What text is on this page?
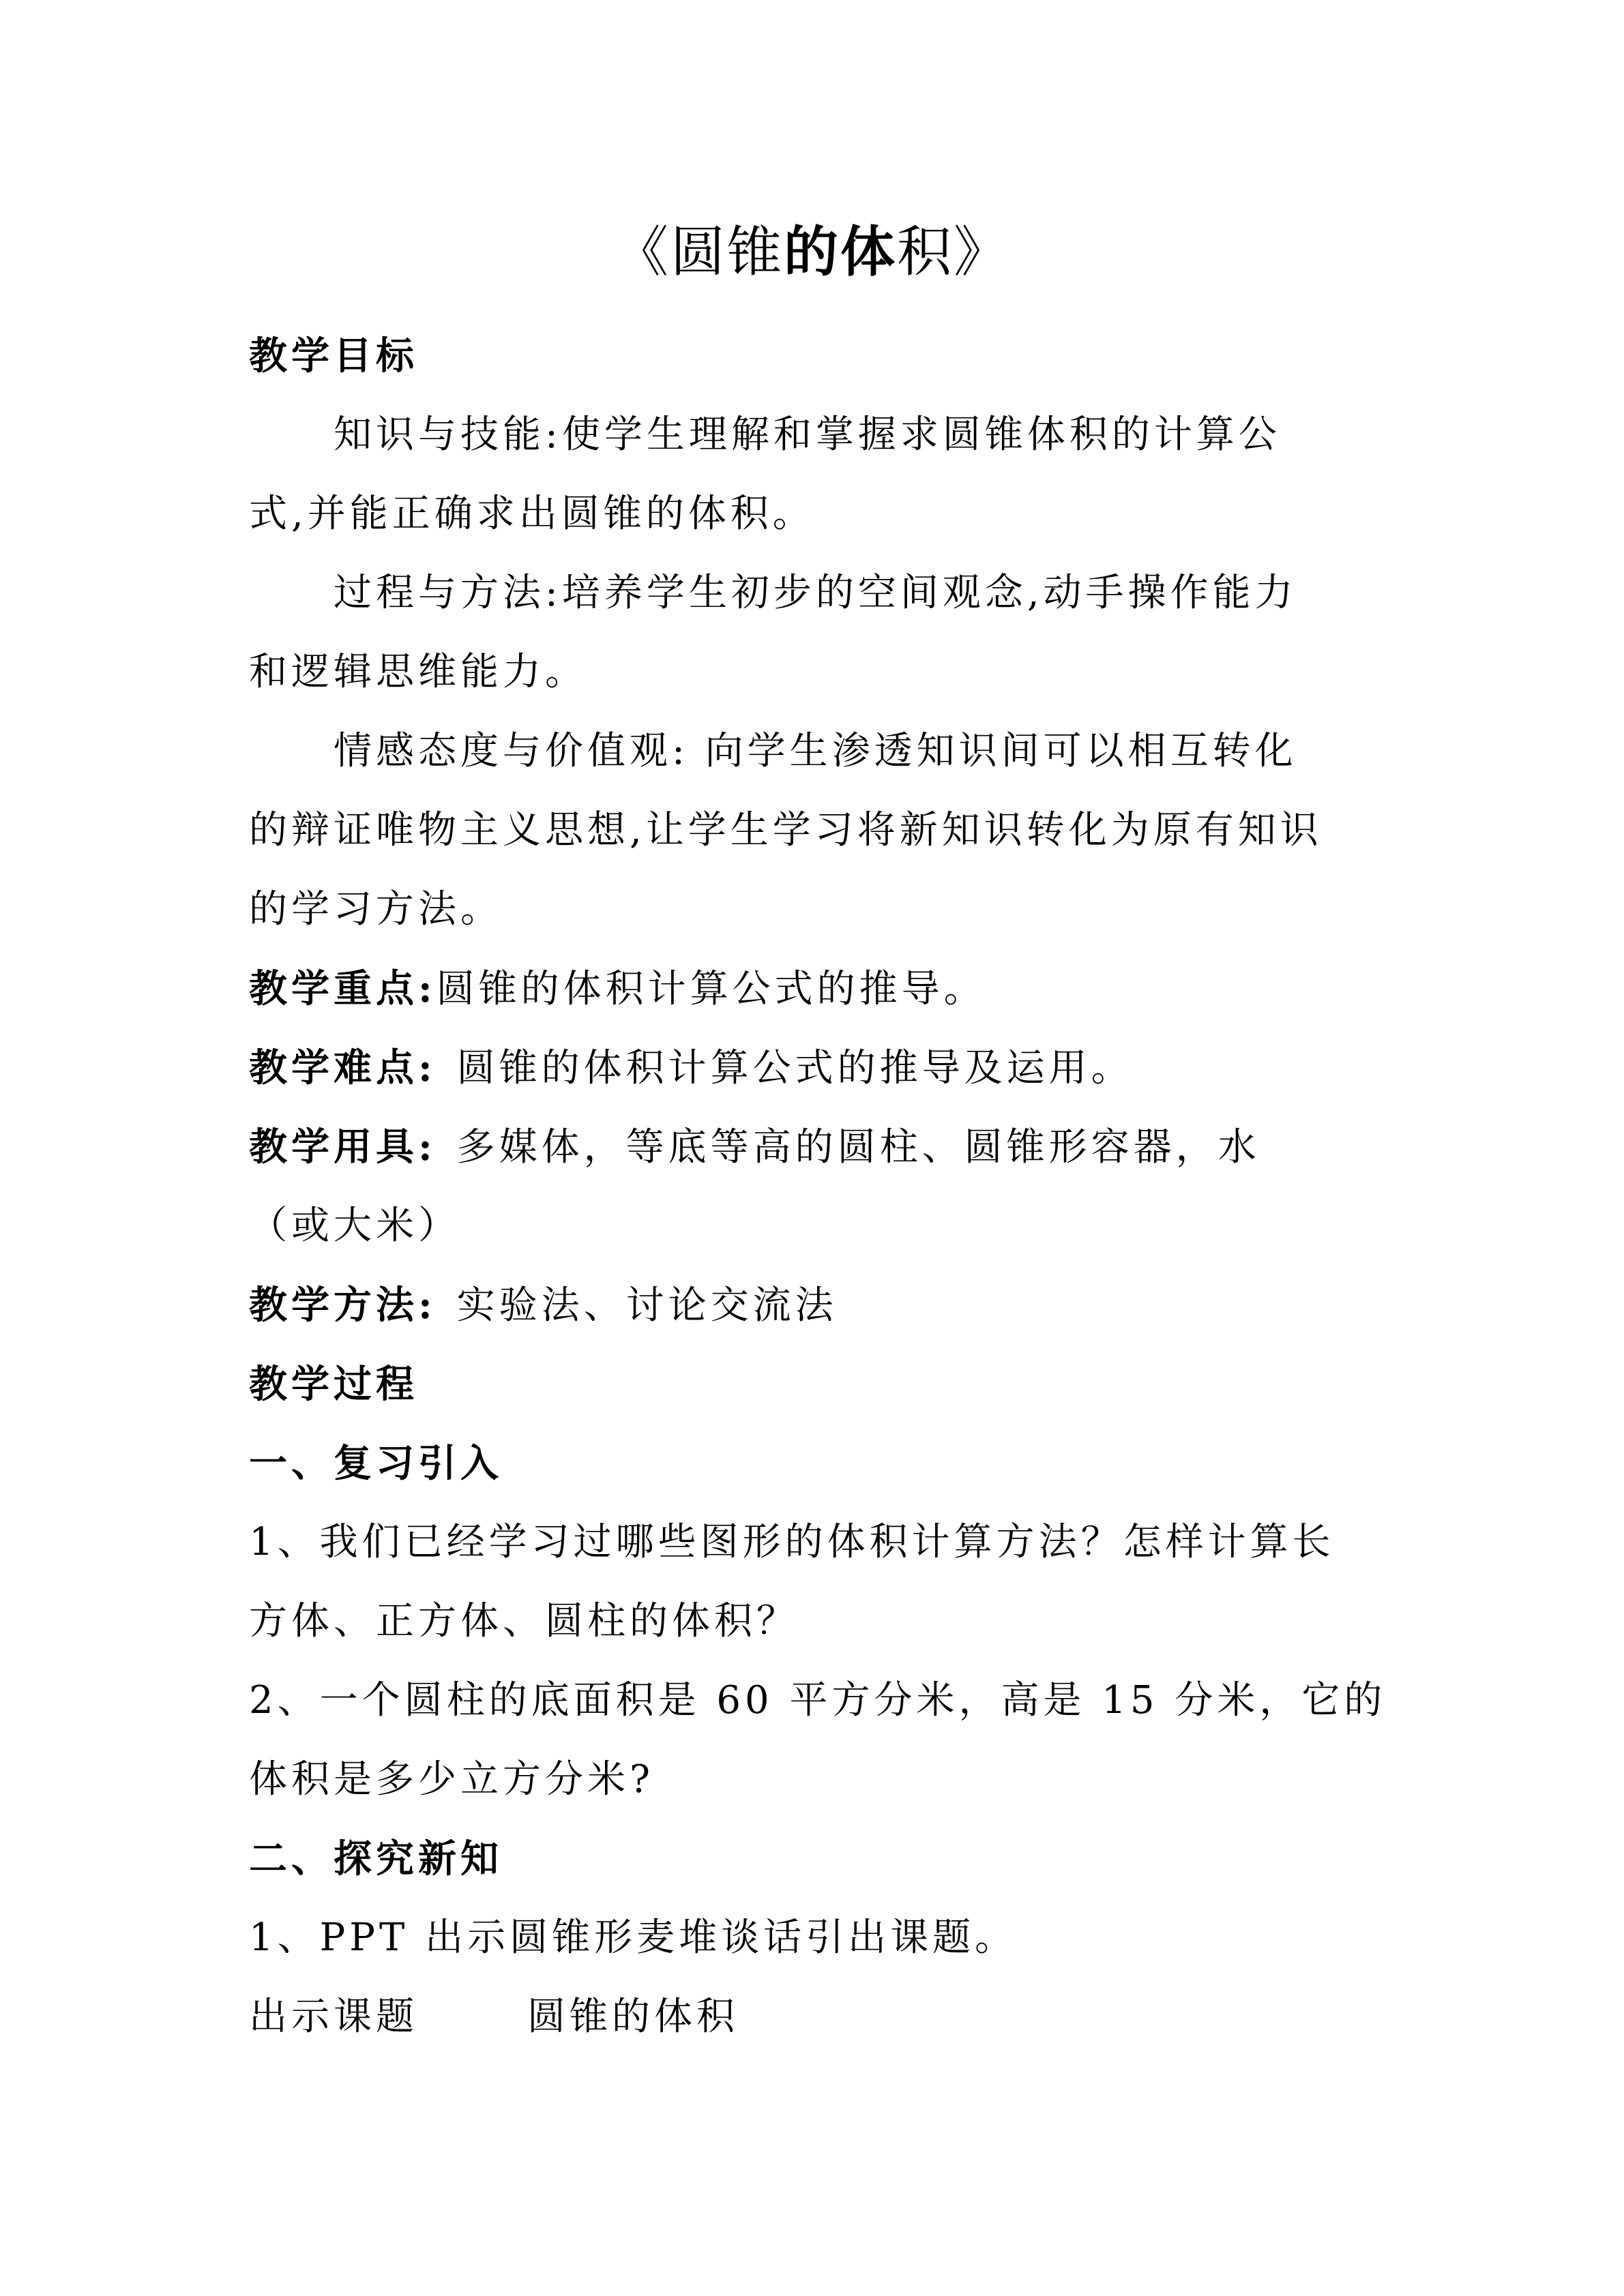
《圆锥的体积》
教学目标
知识与技能:使学生理解和掌握求圆锥体积的计算公
式,并能正确求出圆锥的体积。
过程与方法:培养学生初步的空间观念,动手操作能力
和逻辑思维能力。
情感态度与价值观: 向学生渗透知识间可以相互转化
的辩证唯物主义思想,让学生学习将新知识转化为原有知识
的学习方法。
教学重点:圆锥的体积计算公式的推导。
教学难点: 圆锥的体积计算公式的推导及运用。
教学用具: 多媒体，等底等高的圆柱、圆锥形容器，水
（或大米）
教学方法: 实验法、讨论交流法
教学过程
一、复习引入
1、我们已经学习过哪些图形的体积计算方法？怎样计算长
方体、正方体、圆柱的体积？
2、一个圆柱的底面积是 60 平方分米，高是 15 分米，它的
体积是多少立方分米?
二、探究新知
1、PPT 出示圆锥形麦堆谈话引出课题。
出示课题	圆锥的体积
